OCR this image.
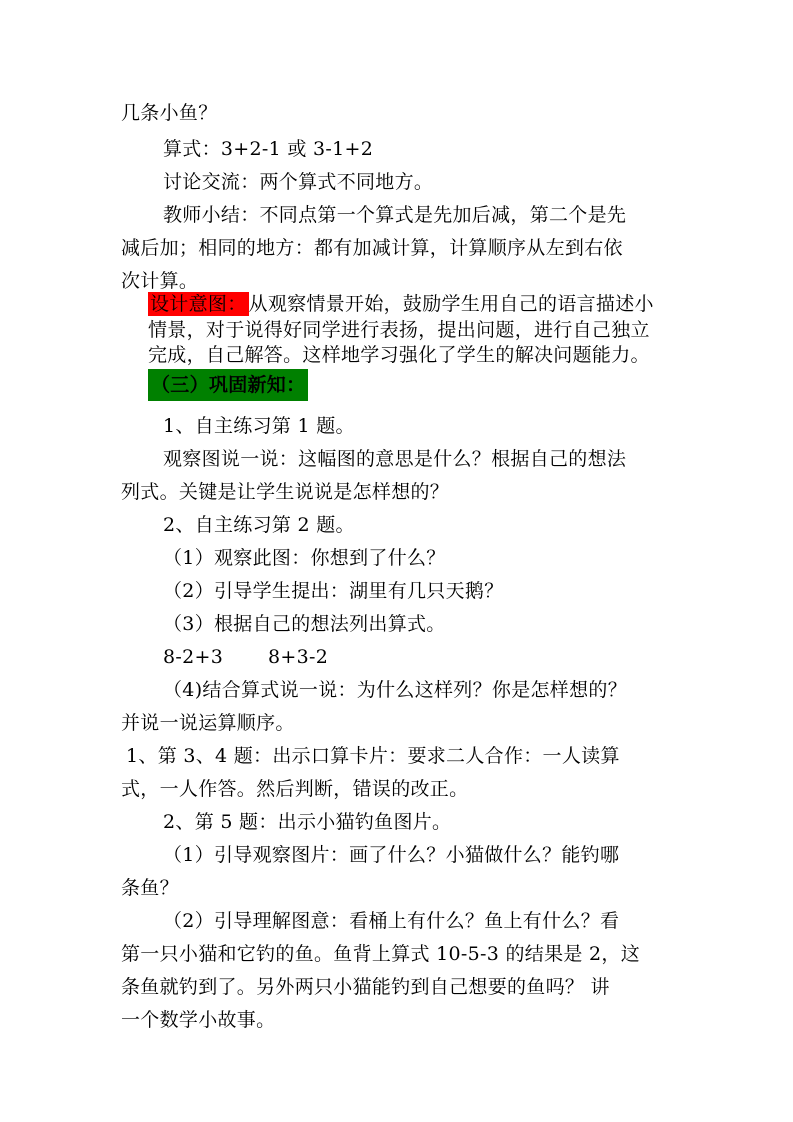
几条小鱼？
算式：3+2-1 或 3-1+2
讨论交流：两个算式不同地方。
教师小结：不同点第一个算式是先加后减，第二个是先
减后加；相同的地方：都有加减计算，计算顺序从左到右依
次计算。
设计意图： 从观察情景开始，鼓励学生用自己的语言描述小
情景，对于说得好同学进行表扬，提出问题，进行自己独立
完成，自己解答。这样地学习强化了学生的解决问题能力。
（三）巩固新知：
1、自主练习第 1 题。
观察图说一说：这幅图的意思是什么？根据自己的想法
列式。关键是让学生说说是怎样想的？
2、自主练习第 2 题。
（1）观察此图：你想到了什么？
（2）引导学生提出：湖里有几只天鹅？
（3）根据自己的想法列出算式。
8-2+3　　 8+3-2
（4)结合算式说一说：为什么这样列？你是怎样想的？
并说一说运算顺序。
1、第 3、4 题：出示口算卡片：要求二人合作：一人读算
式，一人作答。然后判断，错误的改正。
2、第 5 题：出示小猫钓鱼图片。
（1）引导观察图片：画了什么？小猫做什么？能钓哪
条鱼？
（2）引导理解图意：看桶上有什么？鱼上有什么？看
第一只小猫和它钓的鱼。鱼背上算式 10-5-3 的结果是 2，这
条鱼就钓到了。另外两只小猫能钓到自己想要的鱼吗？ 讲
一个数学小故事。
